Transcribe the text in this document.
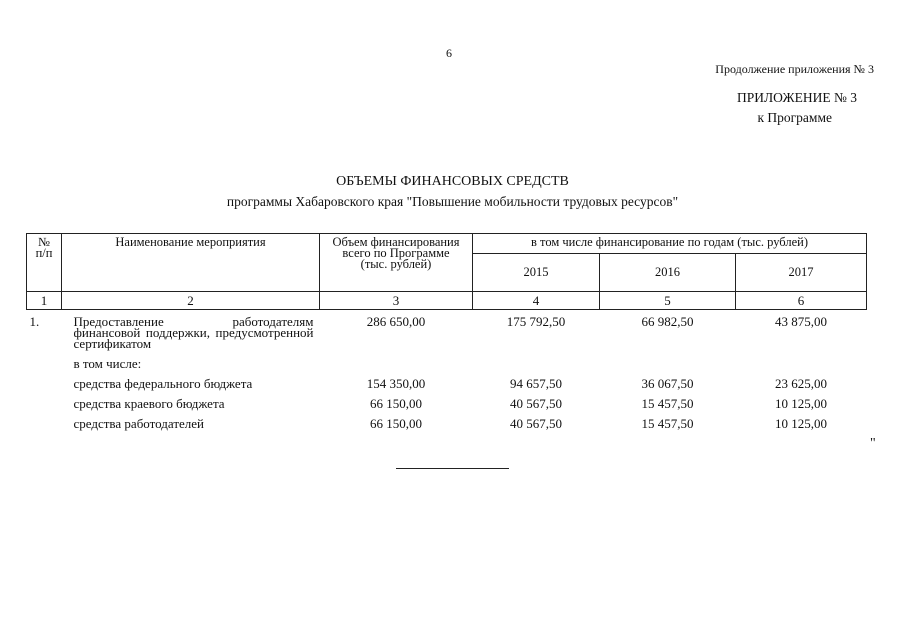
6
Продолжение приложения № 3
ПРИЛОЖЕНИЕ № 3
к Программе
ОБЪЕМЫ ФИНАНСОВЫХ СРЕДСТВ
программы Хабаровского края "Повышение мобильности трудовых ресурсов"
№ п/п	Наименование мероприятия	Объем финансирования всего по Программе (тыс. рублей)	в том числе финансирование по годам (тыс. рублей)		
			2015	2016	2017
1	2	3	4	5	6
1.	Предоставление работодателям финансовой поддержки, предусмотренной сертификатом	286 650,00	175 792,50	66 982,50	43 875,00
	в том числе:				
	средства федерального бюджета	154 350,00	94 657,50	36 067,50	23 625,00
	средства краевого бюджета	66 150,00	40 567,50	15 457,50	10 125,00
	средства работодателей	66 150,00	40 567,50	15 457,50	10 125,00
"
